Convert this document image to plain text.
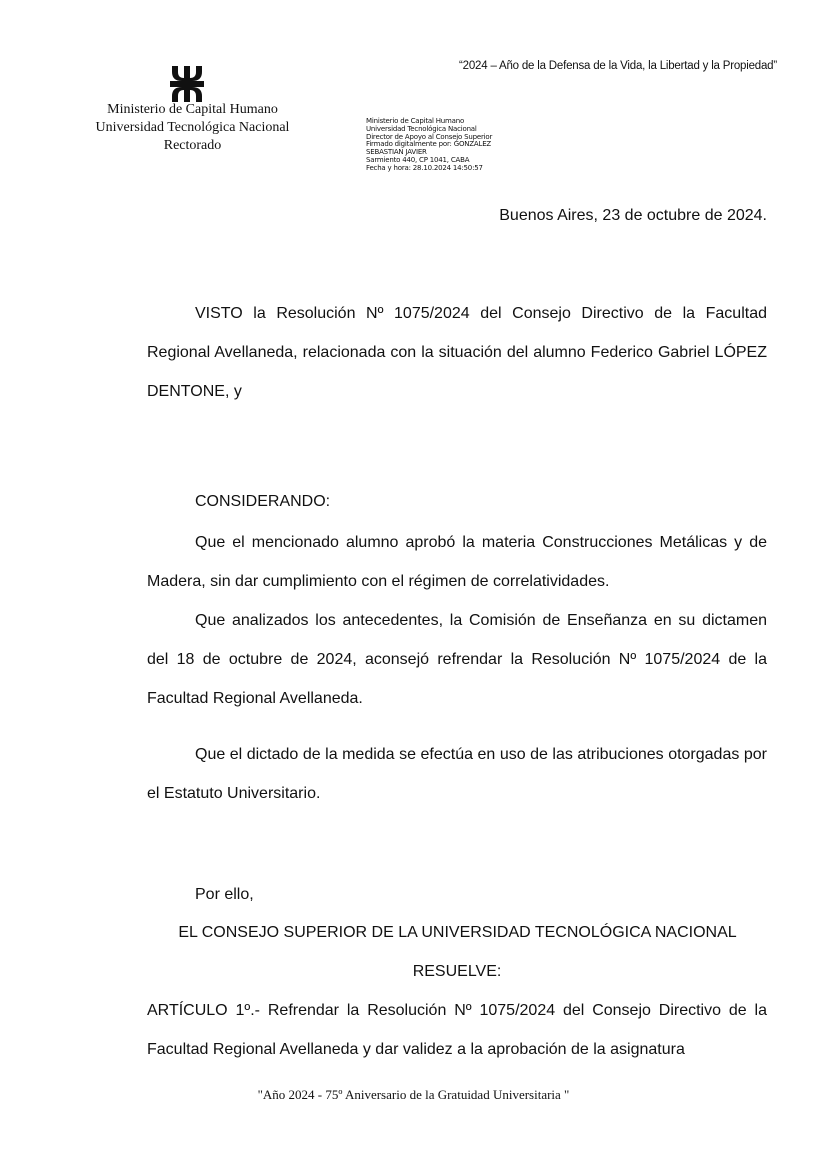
“2024 – Año de la Defensa de la Vida, la Libertad y la Propiedad”
Ministerio de Capital Humano
Universidad Tecnológica Nacional
Rectorado
Ministerio de Capital Humano
Universidad Tecnológica Nacional
Director de Apoyo al Consejo Superior
Firmado digitalmente por: GONZALEZ
SEBASTIAN JAVIER
Sarmiento 440, CP 1041, CABA
Fecha y hora: 28.10.2024 14:50:57
Buenos Aires, 23 de octubre de 2024.
VISTO la Resolución Nº 1075/2024 del Consejo Directivo de la Facultad Regional Avellaneda, relacionada con la situación del alumno Federico Gabriel LÓPEZ DENTONE, y
CONSIDERANDO:
Que el mencionado alumno aprobó la materia Construcciones Metálicas y de Madera, sin dar cumplimiento con el régimen de correlatividades.
Que analizados los antecedentes, la Comisión de Enseñanza en su dictamen del 18 de octubre de 2024, aconsejó refrendar la Resolución Nº 1075/2024 de la Facultad Regional Avellaneda.
Que el dictado de la medida se efectúa en uso de las atribuciones otorgadas por el Estatuto Universitario.
Por ello,
EL CONSEJO SUPERIOR DE LA UNIVERSIDAD TECNOLÓGICA NACIONAL
RESUELVE:
ARTÍCULO 1º.- Refrendar la Resolución Nº 1075/2024 del Consejo Directivo de la Facultad Regional Avellaneda y dar validez a la aprobación de la asignatura
"Año 2024 - 75º Aniversario de la Gratuidad Universitaria "
